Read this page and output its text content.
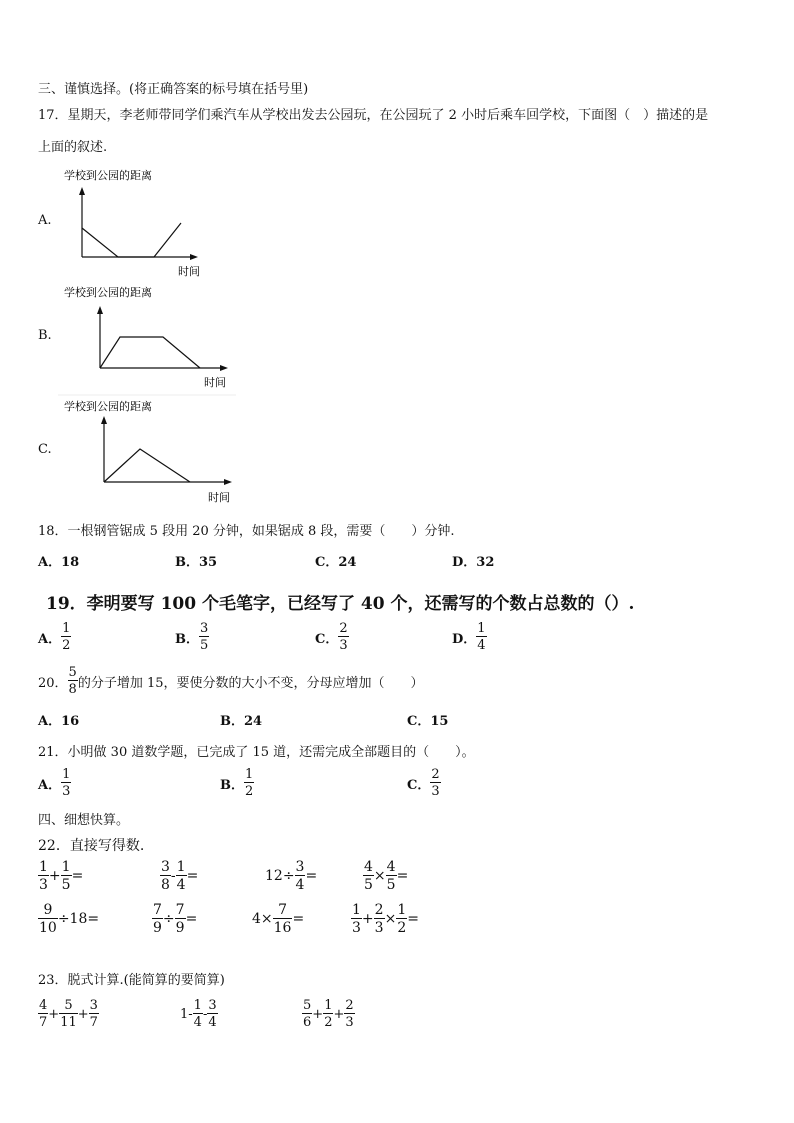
三、谨慎选择。(将正确答案的标号填在括号里)
17．星期天，李老师带同学们乘汽车从学校出发去公园玩，在公园玩了 2 小时后乘车回学校，下面图（　）描述的是
上面的叙述.
A.
学校到公园的距离
时间
B.
学校到公园的距离
时间
C.
学校到公园的距离
时间
18．一根钢管锯成 5 段用 20 分钟，如果锯成 8 段，需要（　　）分钟.
A．18	B．35	C．24	D．32
19．李明要写 100 个毛笔字，已经写了 40 个，还需写的个数占总数的（）.
A． $\frac{1}{2}$	B． $\frac{3}{5}$	C． $\frac{2}{3}$	D． $\frac{1}{4}$
20． $\frac{5}{8}$ 的分子增加 15，要使分数的大小不变，分母应增加（　　）
A．16	B．24	C．15
21．小明做 30 道数学题，已完成了 15 道，还需完成全部题目的（　　）。
A． $\frac{1}{3}$	B． $\frac{1}{2}$	C． $\frac{2}{3}$
四、细想快算。
22．直接写得数.
$\frac{1}{3} + \frac{1}{5}$ =	$\frac{3}{8} - \frac{1}{4}$ =	$12\div \frac{3}{4}$ =	$\frac{4}{5} \times \frac{4}{5}$ =
$\frac{9}{10} \div 18=$	$\frac{7}{9} \div \frac{7}{9}$ =	$4\times \frac{7}{16}$ =	$\frac{1}{3} + \frac{2}{3} \times \frac{1}{2}$ =
23．脱式计算.(能简算的要简算)
$\frac{4}{7} + \frac{5}{11} + \frac{3}{7}$	$1- \frac{1}{4} - \frac{3}{4}$	$\frac{5}{6} + \frac{1}{2} + \frac{2}{3}$
